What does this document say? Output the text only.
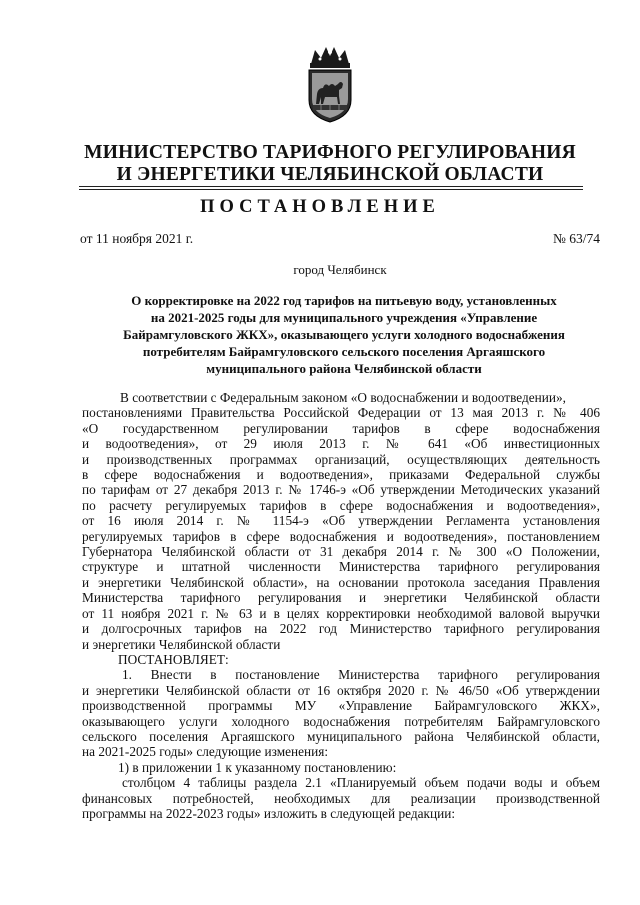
МИНИСТЕРСТВО ТАРИФНОГО РЕГУЛИРОВАНИЯ
И ЭНЕРГЕТИКИ ЧЕЛЯБИНСКОЙ ОБЛАСТИ
ПОСТАНОВЛЕНИЕ
от 11 ноября 2021 г.	№ 63/74
город Челябинск
О корректировке на 2022 год тарифов на питьевую воду, установленных
на 2021-2025 годы для муниципального учреждения «Управление
Байрамгуловского ЖКХ», оказывающего услуги холодного водоснабжения
потребителям Байрамгуловского сельского поселения Аргаяшского
муниципального района Челябинской области
В соответствии с Федеральным законом «О водоснабжении и водоотведении»,
постановлениями Правительства Российской Федерации от 13 мая 2013 г. № 406
«О государственном регулировании тарифов в сфере водоснабжения
и водоотведения», от 29 июля 2013 г. № 641 «Об инвестиционных
и производственных программах организаций, осуществляющих деятельность
в сфере водоснабжения и водоотведения», приказами Федеральной службы
по тарифам от 27 декабря 2013 г. № 1746-э «Об утверждении Методических указаний
по расчету регулируемых тарифов в сфере водоснабжения и водоотведения»,
от 16 июля 2014 г. № 1154-э «Об утверждении Регламента установления
регулируемых тарифов в сфере водоснабжения и водоотведения», постановлением
Губернатора Челябинской области от 31 декабря 2014 г. № 300 «О Положении,
структуре и штатной численности Министерства тарифного регулирования
и энергетики Челябинской области», на основании протокола заседания Правления
Министерства тарифного регулирования и энергетики Челябинской области
от 11 ноября 2021 г. № 63 и в целях корректировки необходимой валовой выручки
и долгосрочных тарифов на 2022 год Министерство тарифного регулирования
и энергетики Челябинской области
ПОСТАНОВЛЯЕТ:
1. Внести в постановление Министерства тарифного регулирования
и энергетики Челябинской области от 16 октября 2020 г. № 46/50 «Об утверждении
производственной программы МУ «Управление Байрамгуловского ЖКХ»,
оказывающего услуги холодного водоснабжения потребителям Байрамгуловского
сельского поселения Аргаяшского муниципального района Челябинской области,
на 2021-2025 годы» следующие изменения:
1) в приложении 1 к указанному постановлению:
столбцом 4 таблицы раздела 2.1 «Планируемый объем подачи воды и объем
финансовых потребностей, необходимых для реализации производственной
программы на 2022-2023 годы» изложить в следующей редакции:
